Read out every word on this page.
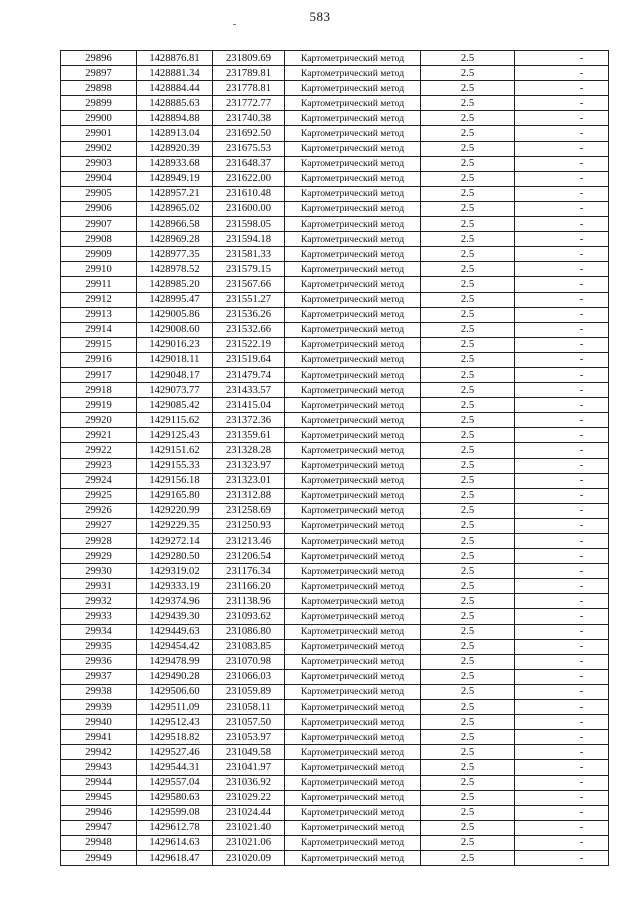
583
29896	1428876.81	231809.69	Картометрический метод	2.5	-
29897	1428881.34	231789.81	Картометрический метод	2.5	-
29898	1428884.44	231778.81	Картометрический метод	2.5	-
29899	1428885.63	231772.77	Картометрический метод	2.5	-
29900	1428894.88	231740.38	Картометрический метод	2.5	-
29901	1428913.04	231692.50	Картометрический метод	2.5	-
29902	1428920.39	231675.53	Картометрический метод	2.5	-
29903	1428933.68	231648.37	Картометрический метод	2.5	-
29904	1428949.19	231622.00	Картометрический метод	2.5	-
29905	1428957.21	231610.48	Картометрический метод	2.5	-
29906	1428965.02	231600.00	Картометрический метод	2.5	-
29907	1428966.58	231598.05	Картометрический метод	2.5	-
29908	1428969.28	231594.18	Картометрический метод	2.5	-
29909	1428977.35	231581.33	Картометрический метод	2.5	-
29910	1428978.52	231579.15	Картометрический метод	2.5	-
29911	1428985.20	231567.66	Картометрический метод	2.5	-
29912	1428995.47	231551.27	Картометрический метод	2.5	-
29913	1429005.86	231536.26	Картометрический метод	2.5	-
29914	1429008.60	231532.66	Картометрический метод	2.5	-
29915	1429016.23	231522.19	Картометрический метод	2.5	-
29916	1429018.11	231519.64	Картометрический метод	2.5	-
29917	1429048.17	231479.74	Картометрический метод	2.5	-
29918	1429073.77	231433.57	Картометрический метод	2.5	-
29919	1429085.42	231415.04	Картометрический метод	2.5	-
29920	1429115.62	231372.36	Картометрический метод	2.5	-
29921	1429125.43	231359.61	Картометрический метод	2.5	-
29922	1429151.62	231328.28	Картометрический метод	2.5	-
29923	1429155.33	231323.97	Картометрический метод	2.5	-
29924	1429156.18	231323.01	Картометрический метод	2.5	-
29925	1429165.80	231312.88	Картометрический метод	2.5	-
29926	1429220.99	231258.69	Картометрический метод	2.5	-
29927	1429229.35	231250.93	Картометрический метод	2.5	-
29928	1429272.14	231213.46	Картометрический метод	2.5	-
29929	1429280.50	231206.54	Картометрический метод	2.5	-
29930	1429319.02	231176.34	Картометрический метод	2.5	-
29931	1429333.19	231166.20	Картометрический метод	2.5	-
29932	1429374.96	231138.96	Картометрический метод	2.5	-
29933	1429439.30	231093.62	Картометрический метод	2.5	-
29934	1429449.63	231086.80	Картометрический метод	2.5	-
29935	1429454.42	231083.85	Картометрический метод	2.5	-
29936	1429478.99	231070.98	Картометрический метод	2.5	-
29937	1429490.28	231066.03	Картометрический метод	2.5	-
29938	1429506.60	231059.89	Картометрический метод	2.5	-
29939	1429511.09	231058.11	Картометрический метод	2.5	-
29940	1429512.43	231057.50	Картометрический метод	2.5	-
29941	1429518.82	231053.97	Картометрический метод	2.5	-
29942	1429527.46	231049.58	Картометрический метод	2.5	-
29943	1429544.31	231041.97	Картометрический метод	2.5	-
29944	1429557.04	231036.92	Картометрический метод	2.5	-
29945	1429580.63	231029.22	Картометрический метод	2.5	-
29946	1429599.08	231024.44	Картометрический метод	2.5	-
29947	1429612.78	231021.40	Картометрический метод	2.5	-
29948	1429614.63	231021.06	Картометрический метод	2.5	-
29949	1429618.47	231020.09	Картометрический метод	2.5	-
